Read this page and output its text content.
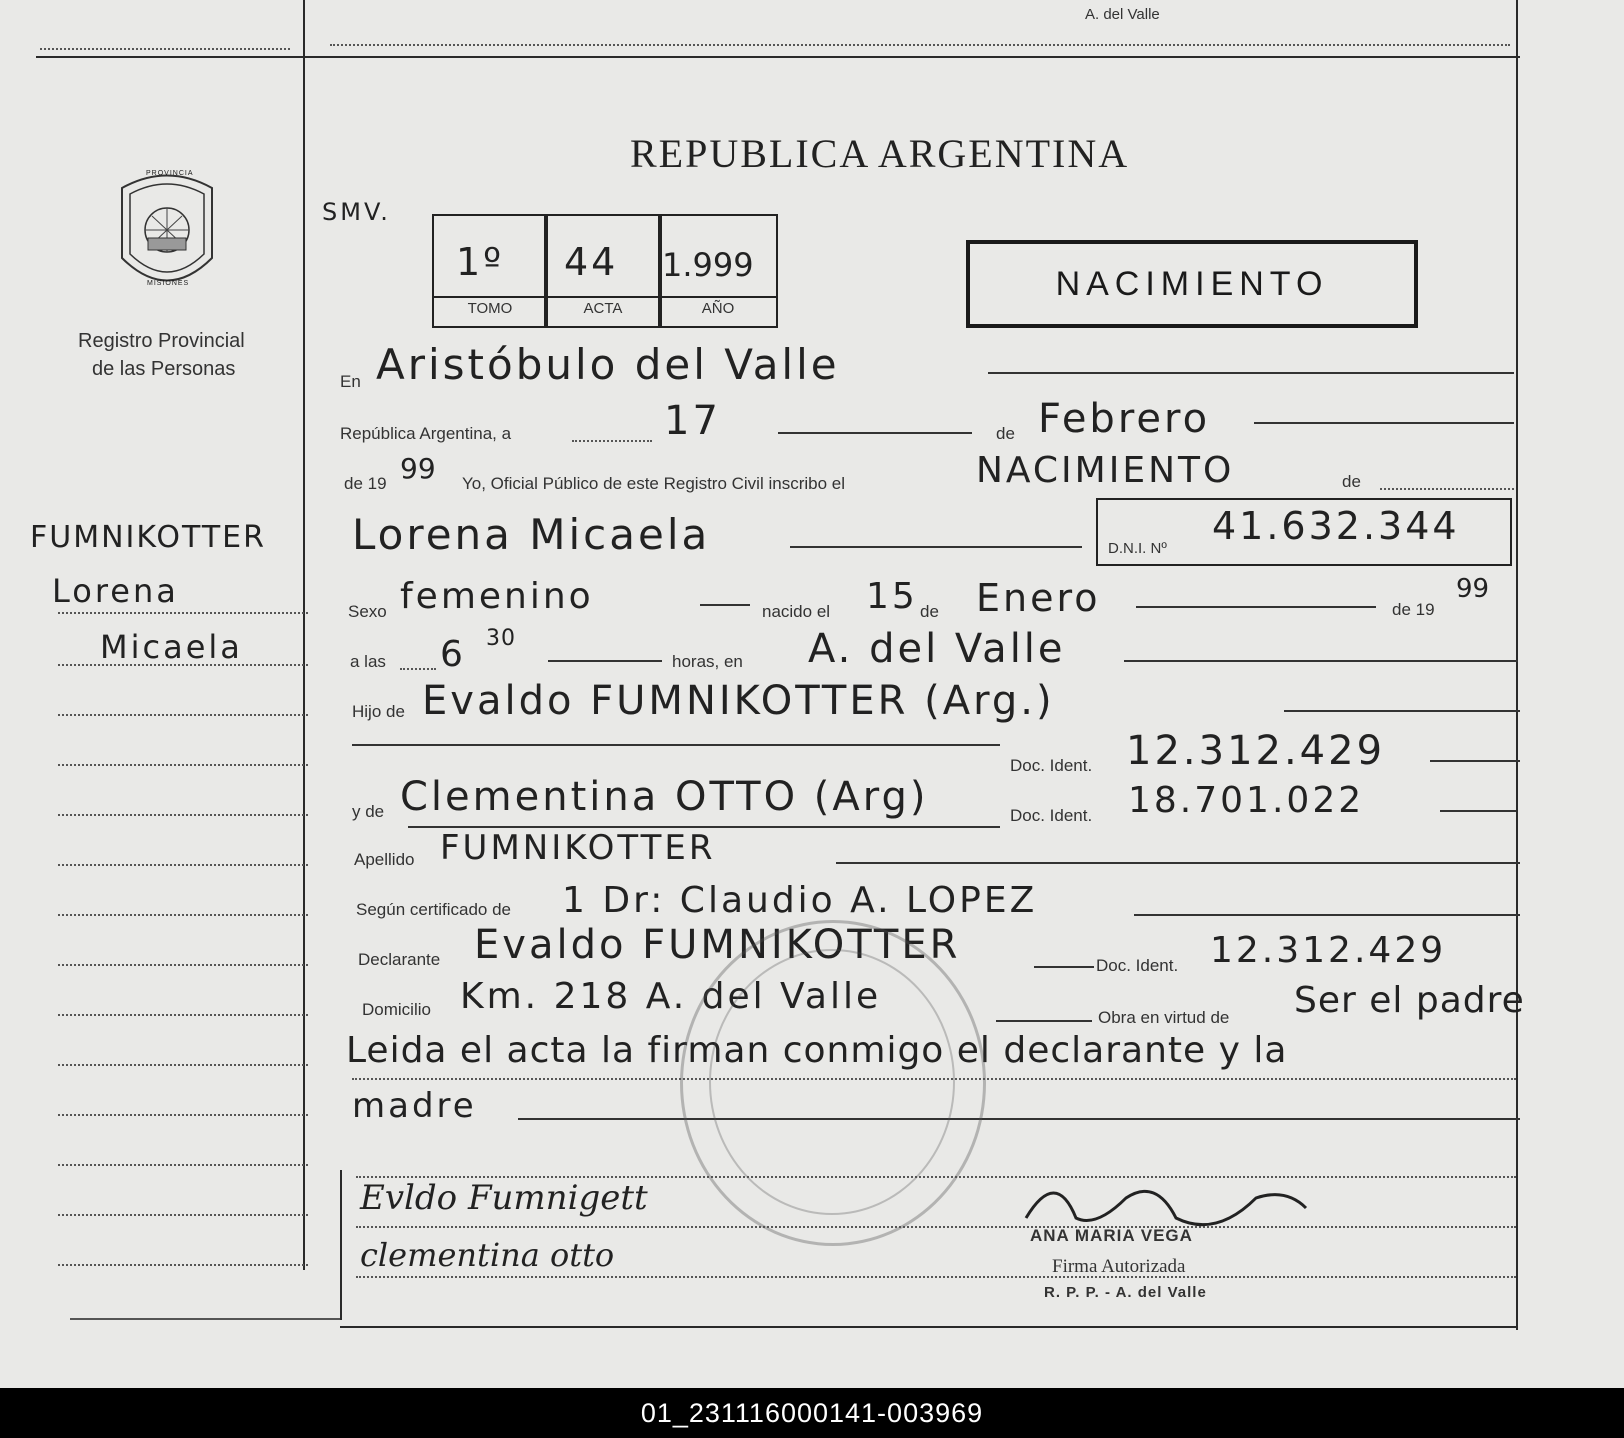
A. del Valle
PROVINCIA
MISIONES
Registro Provincial
de las Personas
FUMNIKOTTER
Lorena
Micaela
REPUBLICA ARGENTINA
SMV.
1º 44 1.999
TOMO	ACTA	AÑO
NACIMIENTO
En Aristóbulo del Valle
República Argentina, a	17	de Febrero
de 19 99 Yo, Oficial Público de este Registro Civil inscribo el	NACIMIENTO	de
Lorena Micaela	D.N.I. Nº
41.632.344
Sexo femenino	nacido el 15 de Enero	de 19
99
a las 6 30
horas, en A. del Valle
Hijo de Evaldo FUMNIKOTTER (Arg.)
Doc. Ident. 12.312.429
y de Clementina OTTO (Arg)	Doc. Ident. 18.701.022
Apellido FUMNIKOTTER
Según certificado de 1 Dr: Claudio A. LOPEZ
Declarante Evaldo FUMNIKOTTER	Doc. Ident. 12.312.429
Domicilio Km. 218 A. del Valle
Obra en virtud de Ser el padre
Leida el acta la firman conmigo el declarante y la
madre
Evldo Fumnigett
clementina otto
ANA MARIA VEGA
Firma Autorizada
R. P. P. - A. del Valle
01_231116000141-003969
